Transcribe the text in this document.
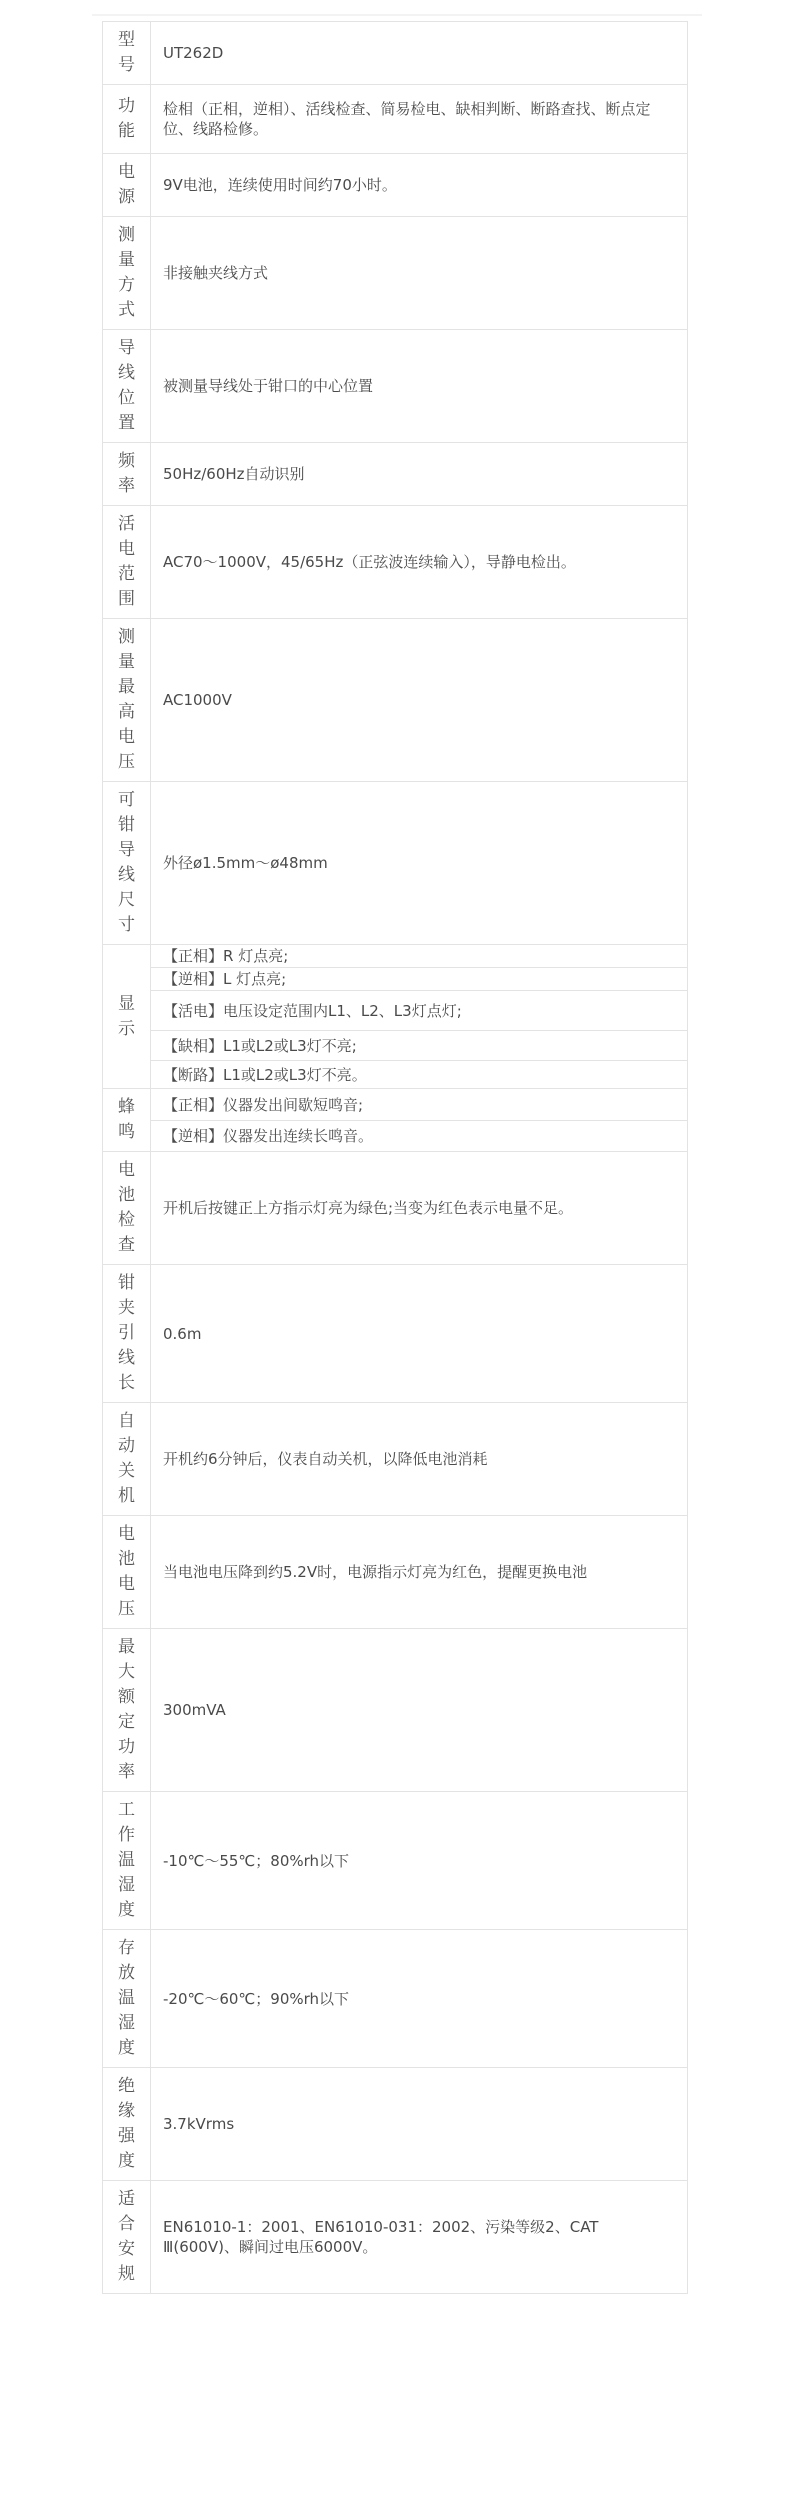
型号	UT262D
功能	检相（正相，逆相）、活线检查、简易检电、缺相判断、断路查找、断点定位、线路检修。
电源	9V电池，连续使用时间约70小时。
测量方式	非接触夹线方式
导线位置	被测量导线处于钳口的中心位置
频率	50Hz/60Hz自动识别
活电范围	AC70～1000V，45/65Hz（正弦波连续输入），导静电检出。
测量最高电压	AC1000V
可钳导线尺寸	外径ø1.5mm～ø48mm
显示	【正相】R 灯点亮;
	【逆相】L 灯点亮;
	【活电】电压设定范围内L1、L2、L3灯点灯;
	【缺相】L1或L2或L3灯不亮;
	【断路】L1或L2或L3灯不亮。
蜂鸣	【正相】仪器发出间歇短鸣音;
	【逆相】仪器发出连续长鸣音。
电池检查	开机后按键正上方指示灯亮为绿色;当变为红色表示电量不足。
钳夹引线长	0.6m
自动关机	开机约6分钟后，仪表自动关机，以降低电池消耗
电池电压	当电池电压降到约5.2V时，电源指示灯亮为红色，提醒更换电池
最大额定功率	300mVA
工作温湿度	-10℃～55℃；80%rh以下
存放温湿度	-20℃～60℃；90%rh以下
绝缘强度	3.7kVrms
适合安规	EN61010-1：2001、EN61010-031：2002、污染等级2、CAT Ⅲ(600V)、瞬间过电压6000V。
